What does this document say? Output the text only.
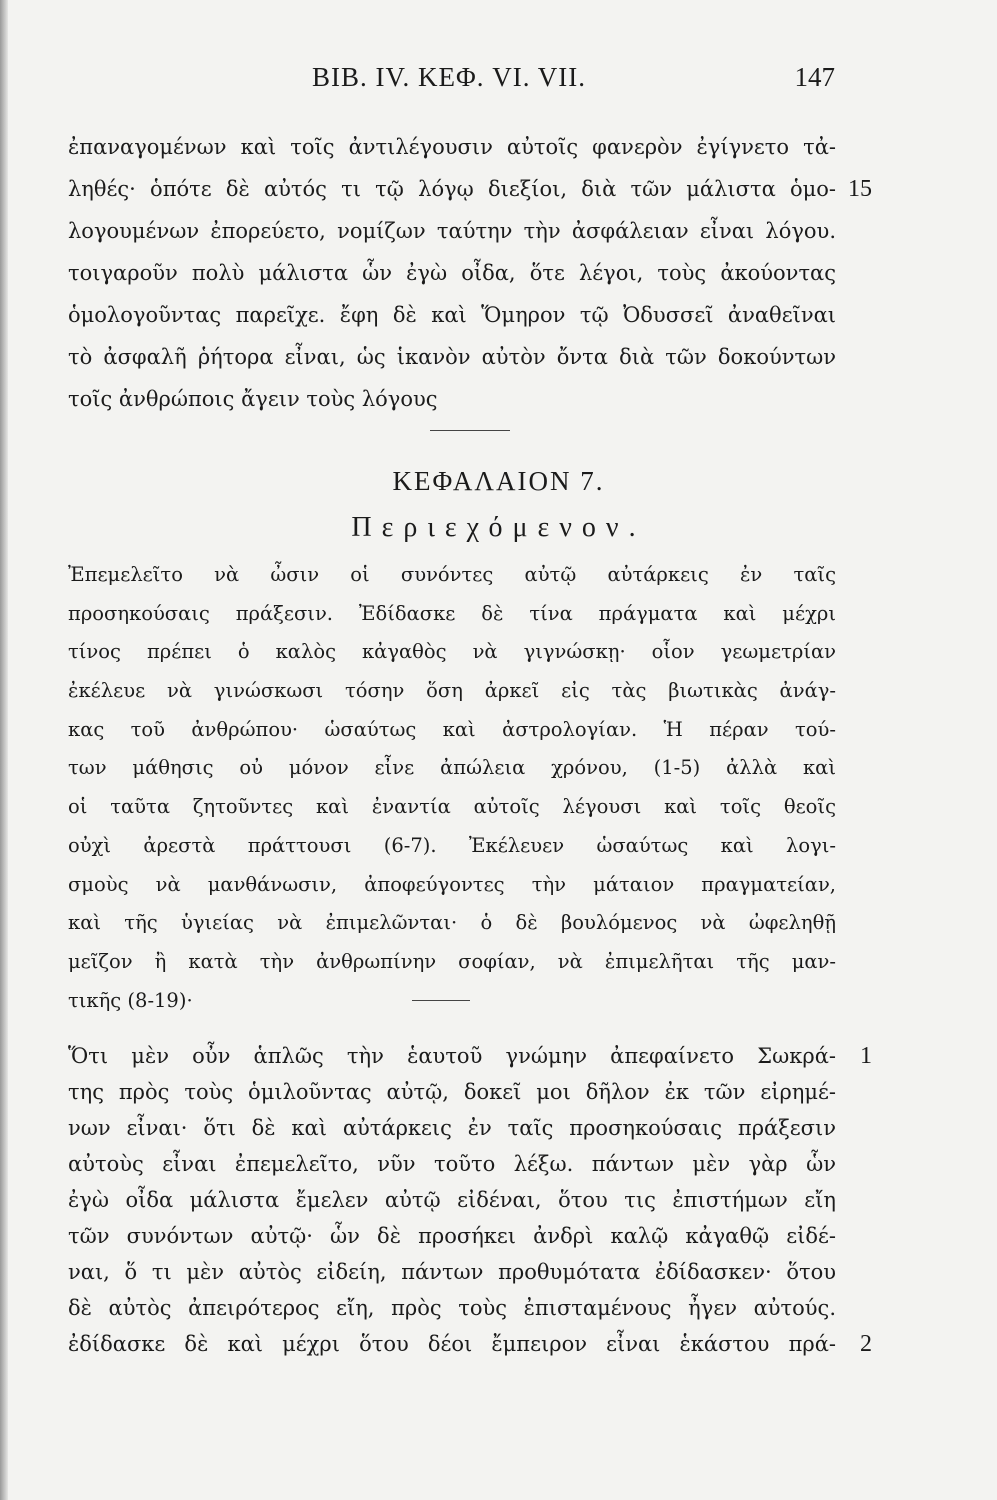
BIB. IV. ΚΕΦ. VI. VII.	147
ἐπαναγομένων καὶ τοῖς ἀντιλέγουσιν αὐτοῖς φανερὸν ἐγίγνετο τἀ-
ληθές· ὁπότε δὲ αὐτός τι τῷ λόγῳ διεξίοι, διὰ τῶν μάλιστα ὁμο- 15
λογουμένων ἐπορεύετο, νομίζων ταύτην τὴν ἀσφάλειαν εἶναι λόγου.
τοιγαροῦν πολὺ μάλιστα ὧν ἐγὼ οἶδα, ὅτε λέγοι, τοὺς ἀκούοντας
ὁμολογοῦντας παρεῖχε. ἔφη δὲ καὶ Ὅμηρον τῷ Ὀδυσσεῖ ἀναθεῖναι
τὸ ἀσφαλῆ ῥήτορα εἶναι, ὡς ἱκανὸν αὐτὸν ὄντα διὰ τῶν δοκούντων
τοῖς ἀνθρώποις ἄγειν τοὺς λόγους
ΚΕΦΑΛΑΙΟΝ 7.
Περιεχόμενον.
Ἐπεμελεῖτο νὰ ὦσιν οἱ συνόντες αὐτῷ αὐτάρκεις ἐν ταῖς
προσηκούσαις πράξεσιν. Ἐδίδασκε δὲ τίνα πράγματα καὶ μέχρι
τίνος πρέπει ὁ καλὸς κἀγαθὸς νὰ γιγνώσκῃ· οἷον γεωμετρίαν
ἐκέλευε νὰ γινώσκωσι τόσην ὅση ἀρκεῖ εἰς τὰς βιωτικὰς ἀνάγ-
κας τοῦ ἀνθρώπου· ὡσαύτως καὶ ἀστρολογίαν. Ἡ πέραν τού-
των μάθησις οὐ μόνον εἶνε ἀπώλεια χρόνου, (1-5) ἀλλὰ καὶ
οἱ ταῦτα ζητοῦντες καὶ ἐναντία αὐτοῖς λέγουσι καὶ τοῖς θεοῖς
οὐχὶ ἀρεστὰ πράττουσι (6-7). Ἐκέλευεν ὡσαύτως καὶ λογι-
σμοὺς νὰ μανθάνωσιν, ἀποφεύγοντες τὴν μάταιον πραγματείαν,
καὶ τῆς ὑγιείας νὰ ἐπιμελῶνται· ὁ δὲ βουλόμενος νὰ ὠφεληθῇ
μεῖζον ἢ κατὰ τὴν ἀνθρωπίνην σοφίαν, νὰ ἐπιμελῆται τῆς μαν-
τικῆς (8-19)·
Ὅτι μὲν οὖν ἁπλῶς τὴν ἑαυτοῦ γνώμην ἀπεφαίνετο Σωκρά- 1
της πρὸς τοὺς ὁμιλοῦντας αὐτῷ, δοκεῖ μοι δῆλον ἐκ τῶν εἰρημέ-
νων εἶναι· ὅτι δὲ καὶ αὐτάρκεις ἐν ταῖς προσηκούσαις πράξεσιν
αὐτοὺς εἶναι ἐπεμελεῖτο, νῦν τοῦτο λέξω. πάντων μὲν γὰρ ὧν
ἐγὼ οἶδα μάλιστα ἔμελεν αὐτῷ εἰδέναι, ὅτου τις ἐπιστήμων εἴη
τῶν συνόντων αὐτῷ· ὧν δὲ προσήκει ἀνδρὶ καλῷ κἀγαθῷ εἰδέ-
ναι, ὅ τι μὲν αὐτὸς εἰδείη, πάντων προθυμότατα ἐδίδασκεν· ὅτου
δὲ αὐτὸς ἀπειρότερος εἴη, πρὸς τοὺς ἐπισταμένους ἦγεν αὐτούς.
ἐδίδασκε δὲ καὶ μέχρι ὅτου δέοι ἔμπειρον εἶναι ἑκάστου πρά- 2
